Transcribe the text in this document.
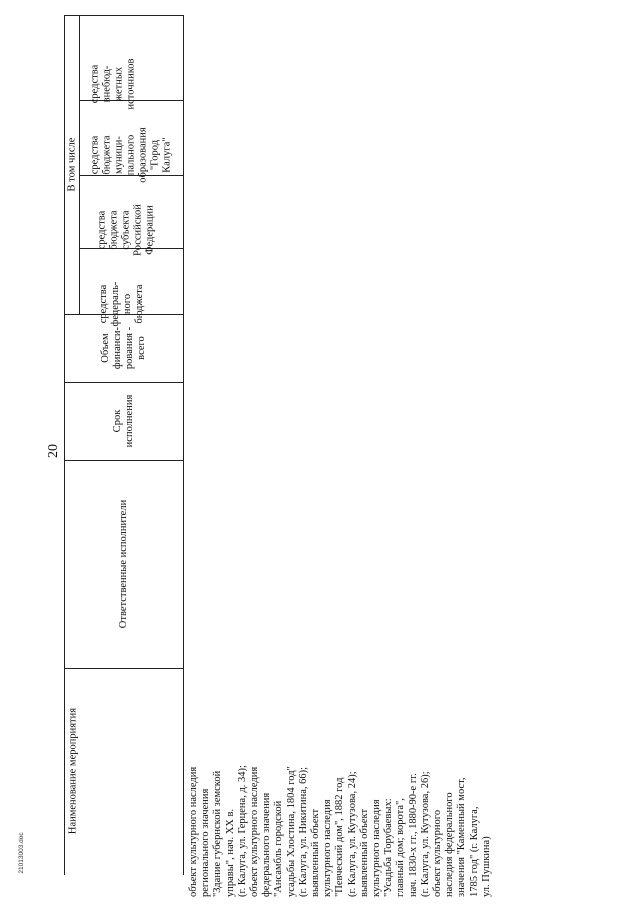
20
Наименование мероприятия
Ответственные исполнители
Срок
исполнения
Объем
финанси-
рования -
всего
В том числе
средства
федераль-
ного
бюджета
средства
бюджета
субъекта
Российской
Федерации
средства
бюджета
муници-
пального
образования
"Город
Калуга"
средства
внебюд-
жетных
источников
объект культурного наследия
регионального значения
"Здание губернской земской
управы", нач. XX в.
(г. Калуга, ул. Герцена, д. 34);
объект культурного наследия
федерального значения
"Ансамбль городской
усадьбы Хлостина, 1804 год"
(г. Калуга, ул. Никитина, 66);
выявленный объект
культурного наследия
"Певческий дом", 1882 год
(г. Калуга, ул. Кутузова, 24);
выявленный объект
культурного наследия
"Усадьба Торубаевых:
главный дом; ворота",
нач. 1830-х гг., 1880-90-е гг.
(г. Калуга, ул. Кутузова, 26);
объект культурного
наследия федерального
значения "Каменный мост,
1785 год" (г. Калуга,
ул. Пушкина)
21013003.doc
